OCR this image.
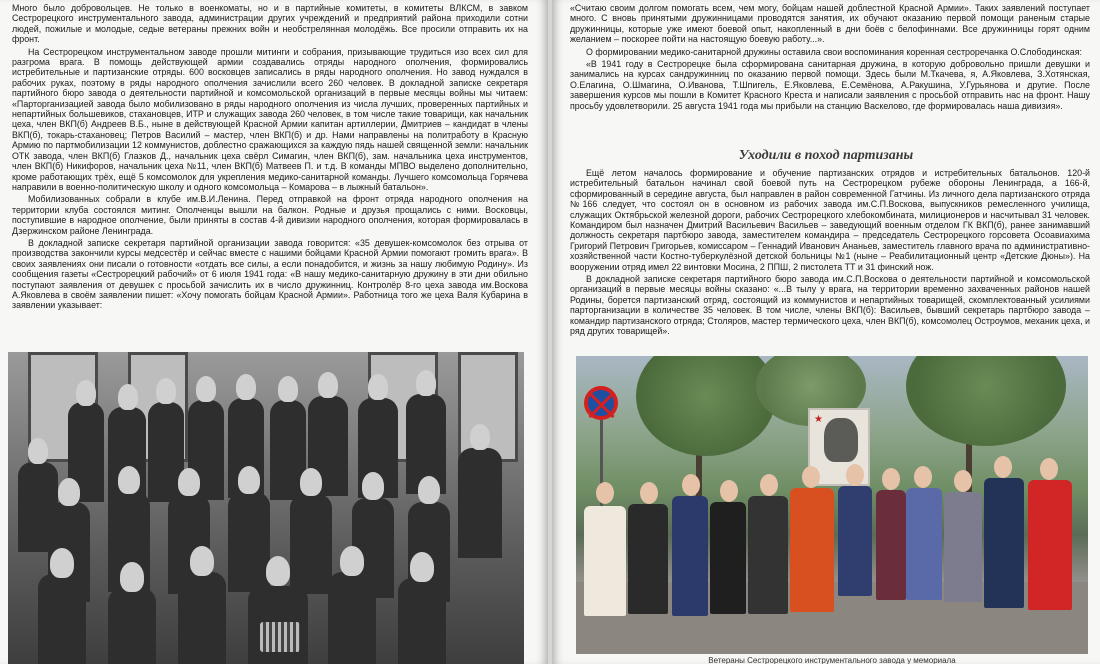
Много было добровольцев. Не только в военкоматы, но и в партийные комитеты, в комитеты ВЛКСМ, в завком Сестрорецкого инструментального завода, администрации других учреждений и предприятий района приходили сотни людей, пожилые и молодые, седые ветераны прежних войн и необстрелянная молодёжь. Все просили отправить их на фронт.

На Сестрорецком инструментальном заводе прошли митинги и собрания, призывающие трудиться изо всех сил для разгрома врага. В помощь действующей армии создавались отряды народного ополчения, формировались истребительные и партизанские отряды. 600 восковцев записались в ряды народного ополчения. Но завод нуждался в рабочих руках, поэтому в ряды народного ополчения зачислили всего 260 человек. В докладной записке секретаря партийного бюро завода о деятельности партийной и комсомольской организаций в первые месяцы войны мы читаем: «Парторганизацией завода было мобилизовано в ряды народного ополчения из числа лучших, проверенных партийных и непартийных большевиков, стахановцев, ИТР и служащих завода 260 человек, в том числе такие товарищи, как начальник цеха, член ВКП(б) Андреев В.Б., ныне в действующей Красной Армии капитан артиллерии, Дмитриев – кандидат в члены ВКП(б), токарь-стахановец; Петров Василий – мастер, член ВКП(б) и др. Нами направлены на политработу в Красную Армию по партмобилизации 12 коммунистов, доблестно сражающихся за каждую пядь нашей священной земли: начальник ОТК завода, член ВКП(б) Глазков Д., начальник цеха свёрл Симагин, член ВКП(б), зам. начальника цеха инструментов, член ВКП(б) Никифоров, начальник цеха №11, член ВКП(б) Матвеев П. и т.д. В команды МПВО выделено дополнительно, кроме работающих трёх, ещё 5 комсомолок для укрепления медико-санитарной команды. Лучшего комсомольца Горячева направили в военно-политическую школу и одного комсомольца – Комарова – в лыжный батальон».

Мобилизованных собрали в клубе им.В.И.Ленина. Перед отправкой на фронт отряда народного ополчения на территории клуба состоялся митинг. Ополченцы вышли на балкон. Родные и друзья прощались с ними. Восковцы, поступившие в народное ополчение, были приняты в состав 4-й дивизии народного ополчения, которая формировалась в Дзержинском районе Ленинграда.

В докладной записке секретаря партийной организации завода говорится: «35 девушек-комсомолок без отрыва от производства закончили курсы медсестёр и сейчас вместе с нашими бойцами Красной Армии помогают громить врага». В своих заявлениях они писали о готовности «отдать все силы, а если понадобится, и жизнь за нашу любимую Родину». Из сообщения газеты «Сестрорецкий рабочий» от 6 июля 1941 года: «В нашу медико-санитарную дружину в эти дни обильно поступают заявления от девушек с просьбой зачислить их в число дружинниц. Контролёр 8-го цеха завода им.Воскова А.Яковлева в своём заявлении пишет: «Хочу помогать бойцам Красной Армии». Работница того же цеха Валя Кубарина в заявлении указывает:

«Считаю своим долгом помогать всем, чем могу, бойцам нашей доблестной Красной Армии». Таких заявлений поступает много. С вновь принятыми дружинницами проводятся занятия, их обучают оказанию первой помощи раненым старые дружинницы, которые уже имеют боевой опыт, накопленный в дни боёв с белофиннами. Все дружинницы горят одним желанием – поскорее пойти на настоящую боевую работу...».

О формировании медико-санитарной дружины оставила свои воспоминания коренная сестроречанка О.Слободинская:

«В 1941 году в Сестрорецке была сформирована санитарная дружина, в которую добровольно пришли девушки и занимались на курсах сандружинниц по оказанию первой помощи. Здесь были М.Ткачева, я, А.Яковлева, З.Хотянская, О.Елагина, О.Шмагина, О.Иванова, Т.Шпигель, Е.Яковлева, Е.Семёнова, А.Ракушина, У.Гурьянова и другие. После завершения курсов мы пошли в Комитет Красного Креста и написали заявления с просьбой отправить нас на фронт. Нашу просьбу удовлетворили. 25 августа 1941 года мы прибыли на станцию Васкелово, где формировалась наша дивизия».

Уходили в поход партизаны

Ещё летом началось формирование и обучение партизанских отрядов и истребительных батальонов. 120-й истребительный батальон начинал свой боевой путь на Сестрорецком рубеже обороны Ленинграда, а 166-й, сформированный в середине августа, был направлен в район современной Гатчины. Из личного дела партизанского отряда №166 следует, что состоял он в основном из рабочих завода им.С.П.Воскова, выпускников ремесленного училища, служащих Октябрьской железной дороги, рабочих Сестрорецкого хлебокомбината, милиционеров и насчитывал 31 человек. Командиром был назначен Дмитрий Васильевич Васильев – заведующий военным отделом ГК ВКП(б), ранее занимавший должность секретаря партбюро завода, заместителем командира – председатель Сестрорецкого горсовета Осоавиахима Григорий Петрович Григорьев, комиссаром – Геннадий Иванович Ананьев, заместитель главного врача по административно-хозяйственной части Костно-туберкулёзной детской больницы №1 (ныне – Реабилитационный центр «Детские Дюны»). На вооружении отряд имел 22 винтовки Мосина, 2 ППШ, 2 пистолета ТТ и 31 финский нож.

В докладной записке секретаря партийного бюро завода им.С.П.Воскова о деятельности партийной и комсомольской организаций в первые месяцы войны сказано: «...В тылу у врага, на территории временно захваченных районов нашей Родины, борется партизанский отряд, состоящий из коммунистов и непартийных товарищей, скомплектованный усилиями парторганизации в количестве 35 человек. В том числе, члены ВКП(б): Васильев, бывший секретарь партбюро завода – командир партизанского отряда; Столяров, мастер термического цеха, член ВКП(б), комсомолец Остроумов, механик цеха, и ряд других товарищей».

★
Ветераны Сестрорецкого инструментального завода у мемориала
